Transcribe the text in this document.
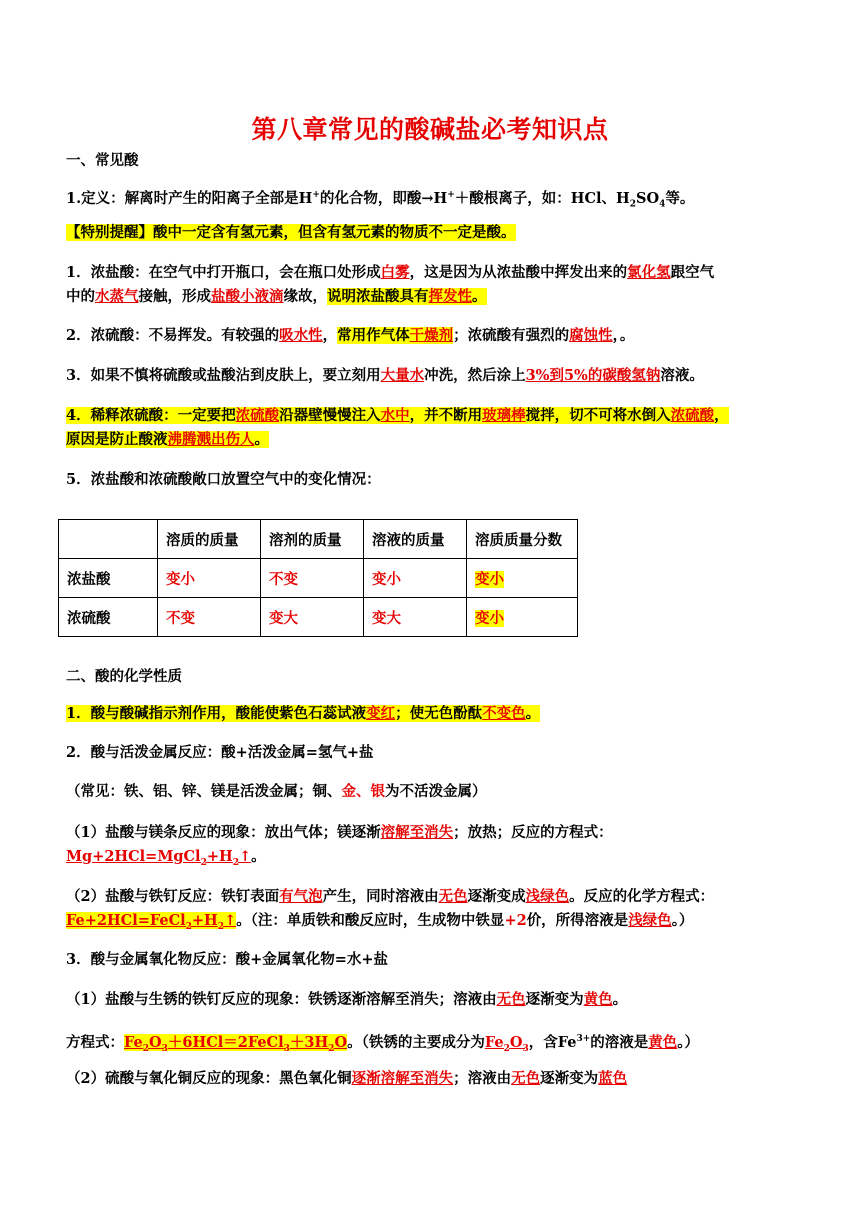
第八章常见的酸碱盐必考知识点
一、常见酸
1.定义：解离时产生的阳离子全部是H+的化合物，即酸→H+＋酸根离子，如：HCl、$H_2SO_4$等。
【特别提醒】酸中一定含有氢元素，但含有氢元素的物质不一定是酸。
1．浓盐酸：在空气中打开瓶口，会在瓶口处形成白雾，这是因为从浓盐酸中挥发出来的氯化氢跟空气
中的水蒸气接触，形成盐酸小液滴缘故，说明浓盐酸具有挥发性。
2．浓硫酸：不易挥发。有较强的吸水性，常用作气体干燥剂；浓硫酸有强烈的腐蚀性，。
3．如果不慎将硫酸或盐酸沾到皮肤上，要立刻用大量水冲洗，然后涂上3%到5%的碳酸氢钠溶液。
4．稀释浓硫酸：一定要把浓硫酸沿器壁慢慢注入水中，并不断用玻璃棒搅拌，切不可将水倒入浓硫酸，
原因是防止酸液沸腾溅出伤人。
5．浓盐酸和浓硫酸敞口放置空气中的变化情况：
	溶质的质量	溶剂的质量	溶液的质量	溶质质量分数
浓盐酸	变小	不变	变小	变小
浓硫酸	不变	变大	变大	变小
二、酸的化学性质
1．酸与酸碱指示剂作用，酸能使紫色石蕊试液变红；使无色酚酞不变色。
2．酸与活泼金属反应：酸+活泼金属=氢气+盐
（常见：铁、铝、锌、镁是活泼金属；铜、金、银为不活泼金属）
（1）盐酸与镁条反应的现象：放出气体；镁逐渐溶解至消失；放热；反应的方程式：
$Mg+2HCl=MgCl_2+H_2↑$。
（2）盐酸与铁钉反应：铁钉表面有气泡产生，同时溶液由无色逐渐变成浅绿色。反应的化学方程式：
$Fe+2HCl=FeCl_2+H_2↑$。（注：单质铁和酸反应时，生成物中铁显+2价，所得溶液是浅绿色。）
3．酸与金属氧化物反应：酸+金属氧化物=水+盐
（1）盐酸与生锈的铁钉反应的现象：铁锈逐渐溶解至消失；溶液由无色逐渐变为黄色。
方程式：$Fe_2O_3+6HCl=2FeCl_3+3H_2O$。（铁锈的主要成分为$Fe_2O_3$，含$Fe^{3+}$的溶液是黄色。）
（2）硫酸与氧化铜反应的现象：黑色氧化铜逐渐溶解至消失；溶液由无色逐渐变为蓝色
